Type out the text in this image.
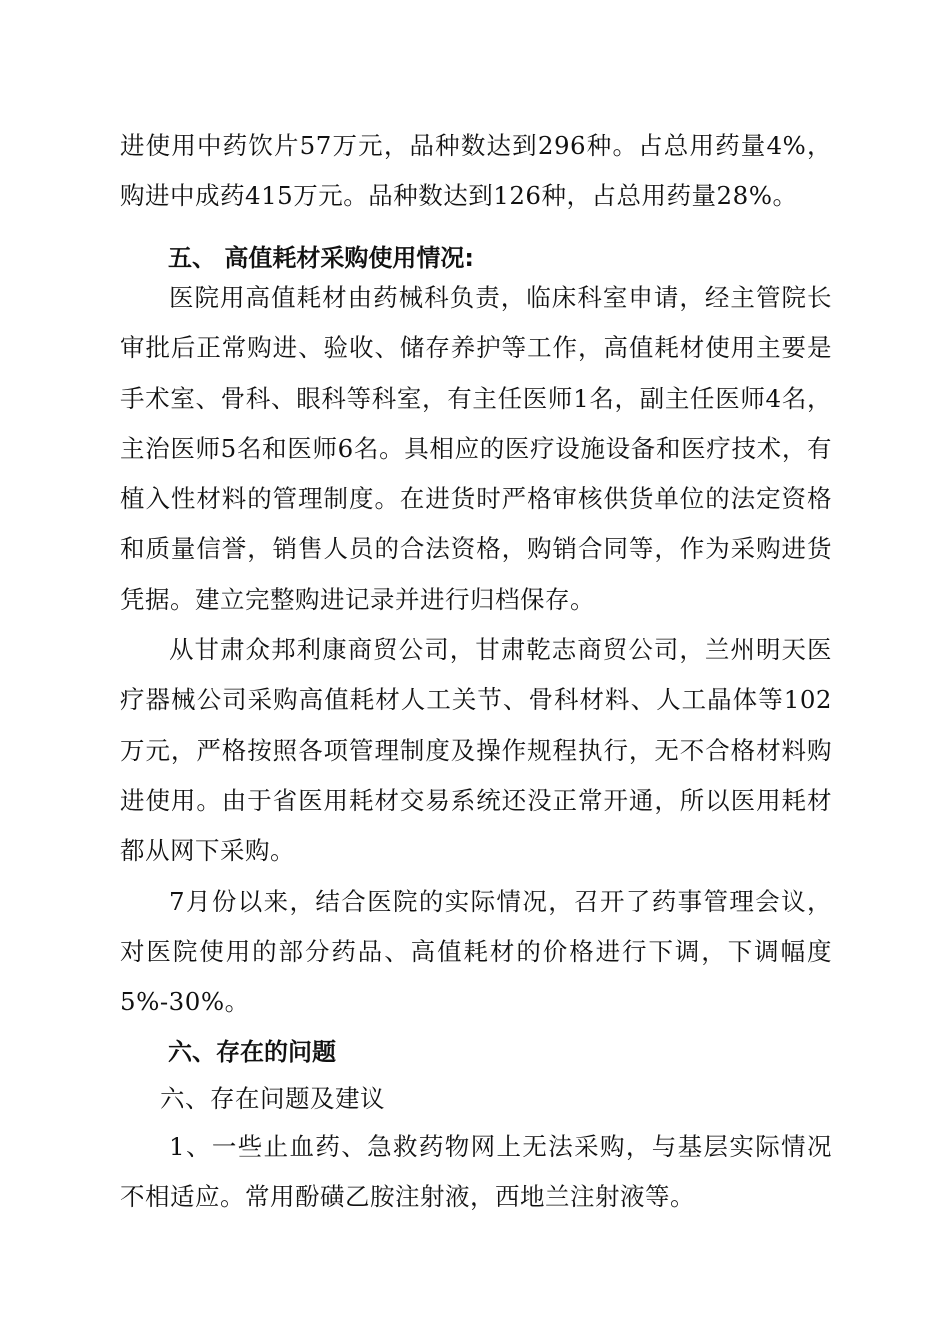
进使用中药饮片57万元，品种数达到296种。占总用药量4%，购进中成药415万元。品种数达到126种，占总用药量28%。

五、 高值耗材采购使用情况:

医院用高值耗材由药械科负责，临床科室申请，经主管院长审批后正常购进、验收、储存养护等工作，高值耗材使用主要是手术室、骨科、眼科等科室，有主任医师1名，副主任医师4名，主治医师5名和医师6名。具相应的医疗设施设备和医疗技术，有植入性材料的管理制度。在进货时严格审核供货单位的法定资格和质量信誉，销售人员的合法资格，购销合同等，作为采购进货凭据。建立完整购进记录并进行归档保存。

从甘肃众邦利康商贸公司，甘肃乾志商贸公司，兰州明天医疗器械公司采购高值耗材人工关节、骨科材料、人工晶体等102万元，严格按照各项管理制度及操作规程执行，无不合格材料购进使用。由于省医用耗材交易系统还没正常开通，所以医用耗材都从网下采购。

7月份以来，结合医院的实际情况，召开了药事管理会议，对医院使用的部分药品、高值耗材的价格进行下调，下调幅度5%-30%。

六、存在的问题
六、存在问题及建议

1、一些止血药、急救药物网上无法采购，与基层实际情况不相适应。常用酚磺乙胺注射液，西地兰注射液等。
